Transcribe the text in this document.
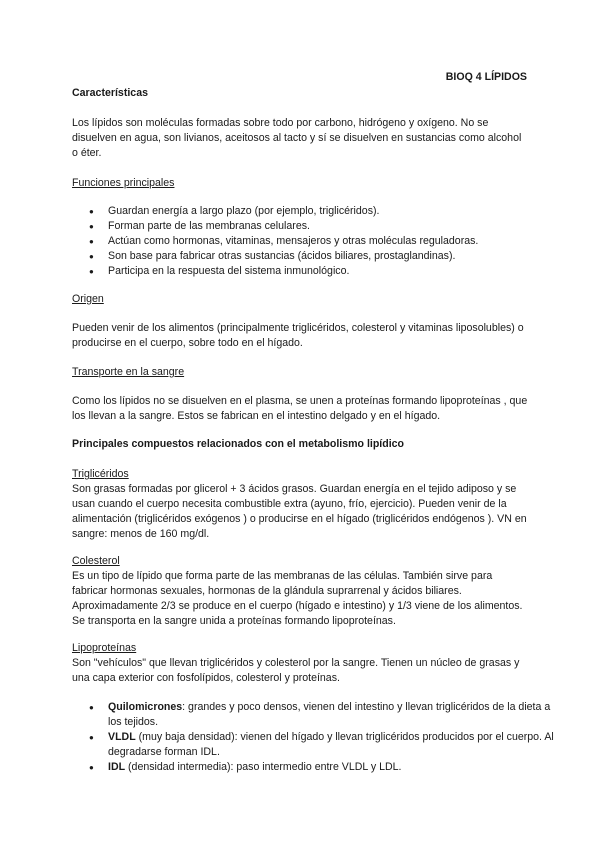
BIOQ 4 LÍPIDOS

Características

Los lípidos son moléculas formadas sobre todo por carbono, hidrógeno y oxígeno. No se disuelven en agua, son livianos, aceitosos al tacto y sí se disuelven en sustancias como alcohol o éter.

Funciones principales

● Guardan energía a largo plazo (por ejemplo, triglicéridos).
● Forman parte de las membranas celulares.
● Actúan como hormonas, vitaminas, mensajeros y otras moléculas reguladoras.
● Son base para fabricar otras sustancias (ácidos biliares, prostaglandinas).
● Participa en la respuesta del sistema inmunológico.

Origen

Pueden venir de los alimentos (principalmente triglicéridos, colesterol y vitaminas liposolubles) o producirse en el cuerpo, sobre todo en el hígado.

Transporte en la sangre

Como los lípidos no se disuelven en el plasma, se unen a proteínas formando lipoproteínas , que los llevan a la sangre. Estos se fabrican en el intestino delgado y en el hígado.

Principales compuestos relacionados con el metabolismo lipídico

Triglicéridos

Son grasas formadas por glicerol + 3 ácidos grasos. Guardan energía en el tejido adiposo y se usan cuando el cuerpo necesita combustible extra (ayuno, frío, ejercicio). Pueden venir de la alimentación (triglicéridos exógenos ) o producirse en el hígado (triglicéridos endógenos ). VN en sangre: menos de 160 mg/dl.

Colesterol

Es un tipo de lípido que forma parte de las membranas de las células. También sirve para fabricar hormonas sexuales, hormonas de la glándula suprarrenal y ácidos biliares. Aproximadamente 2/3 se produce en el cuerpo (hígado e intestino) y 1/3 viene de los alimentos. Se transporta en la sangre unida a proteínas formando lipoproteínas.

Lipoproteínas

Son "vehículos" que llevan triglicéridos y colesterol por la sangre. Tienen un núcleo de grasas y una capa exterior con fosfolípidos, colesterol y proteínas.

● Quilomicrones: grandes y poco densos, vienen del intestino y llevan triglicéridos de la dieta a los tejidos.
● VLDL (muy baja densidad): vienen del hígado y llevan triglicéridos producidos por el cuerpo. Al degradarse forman IDL.
● IDL (densidad intermedia): paso intermedio entre VLDL y LDL.
